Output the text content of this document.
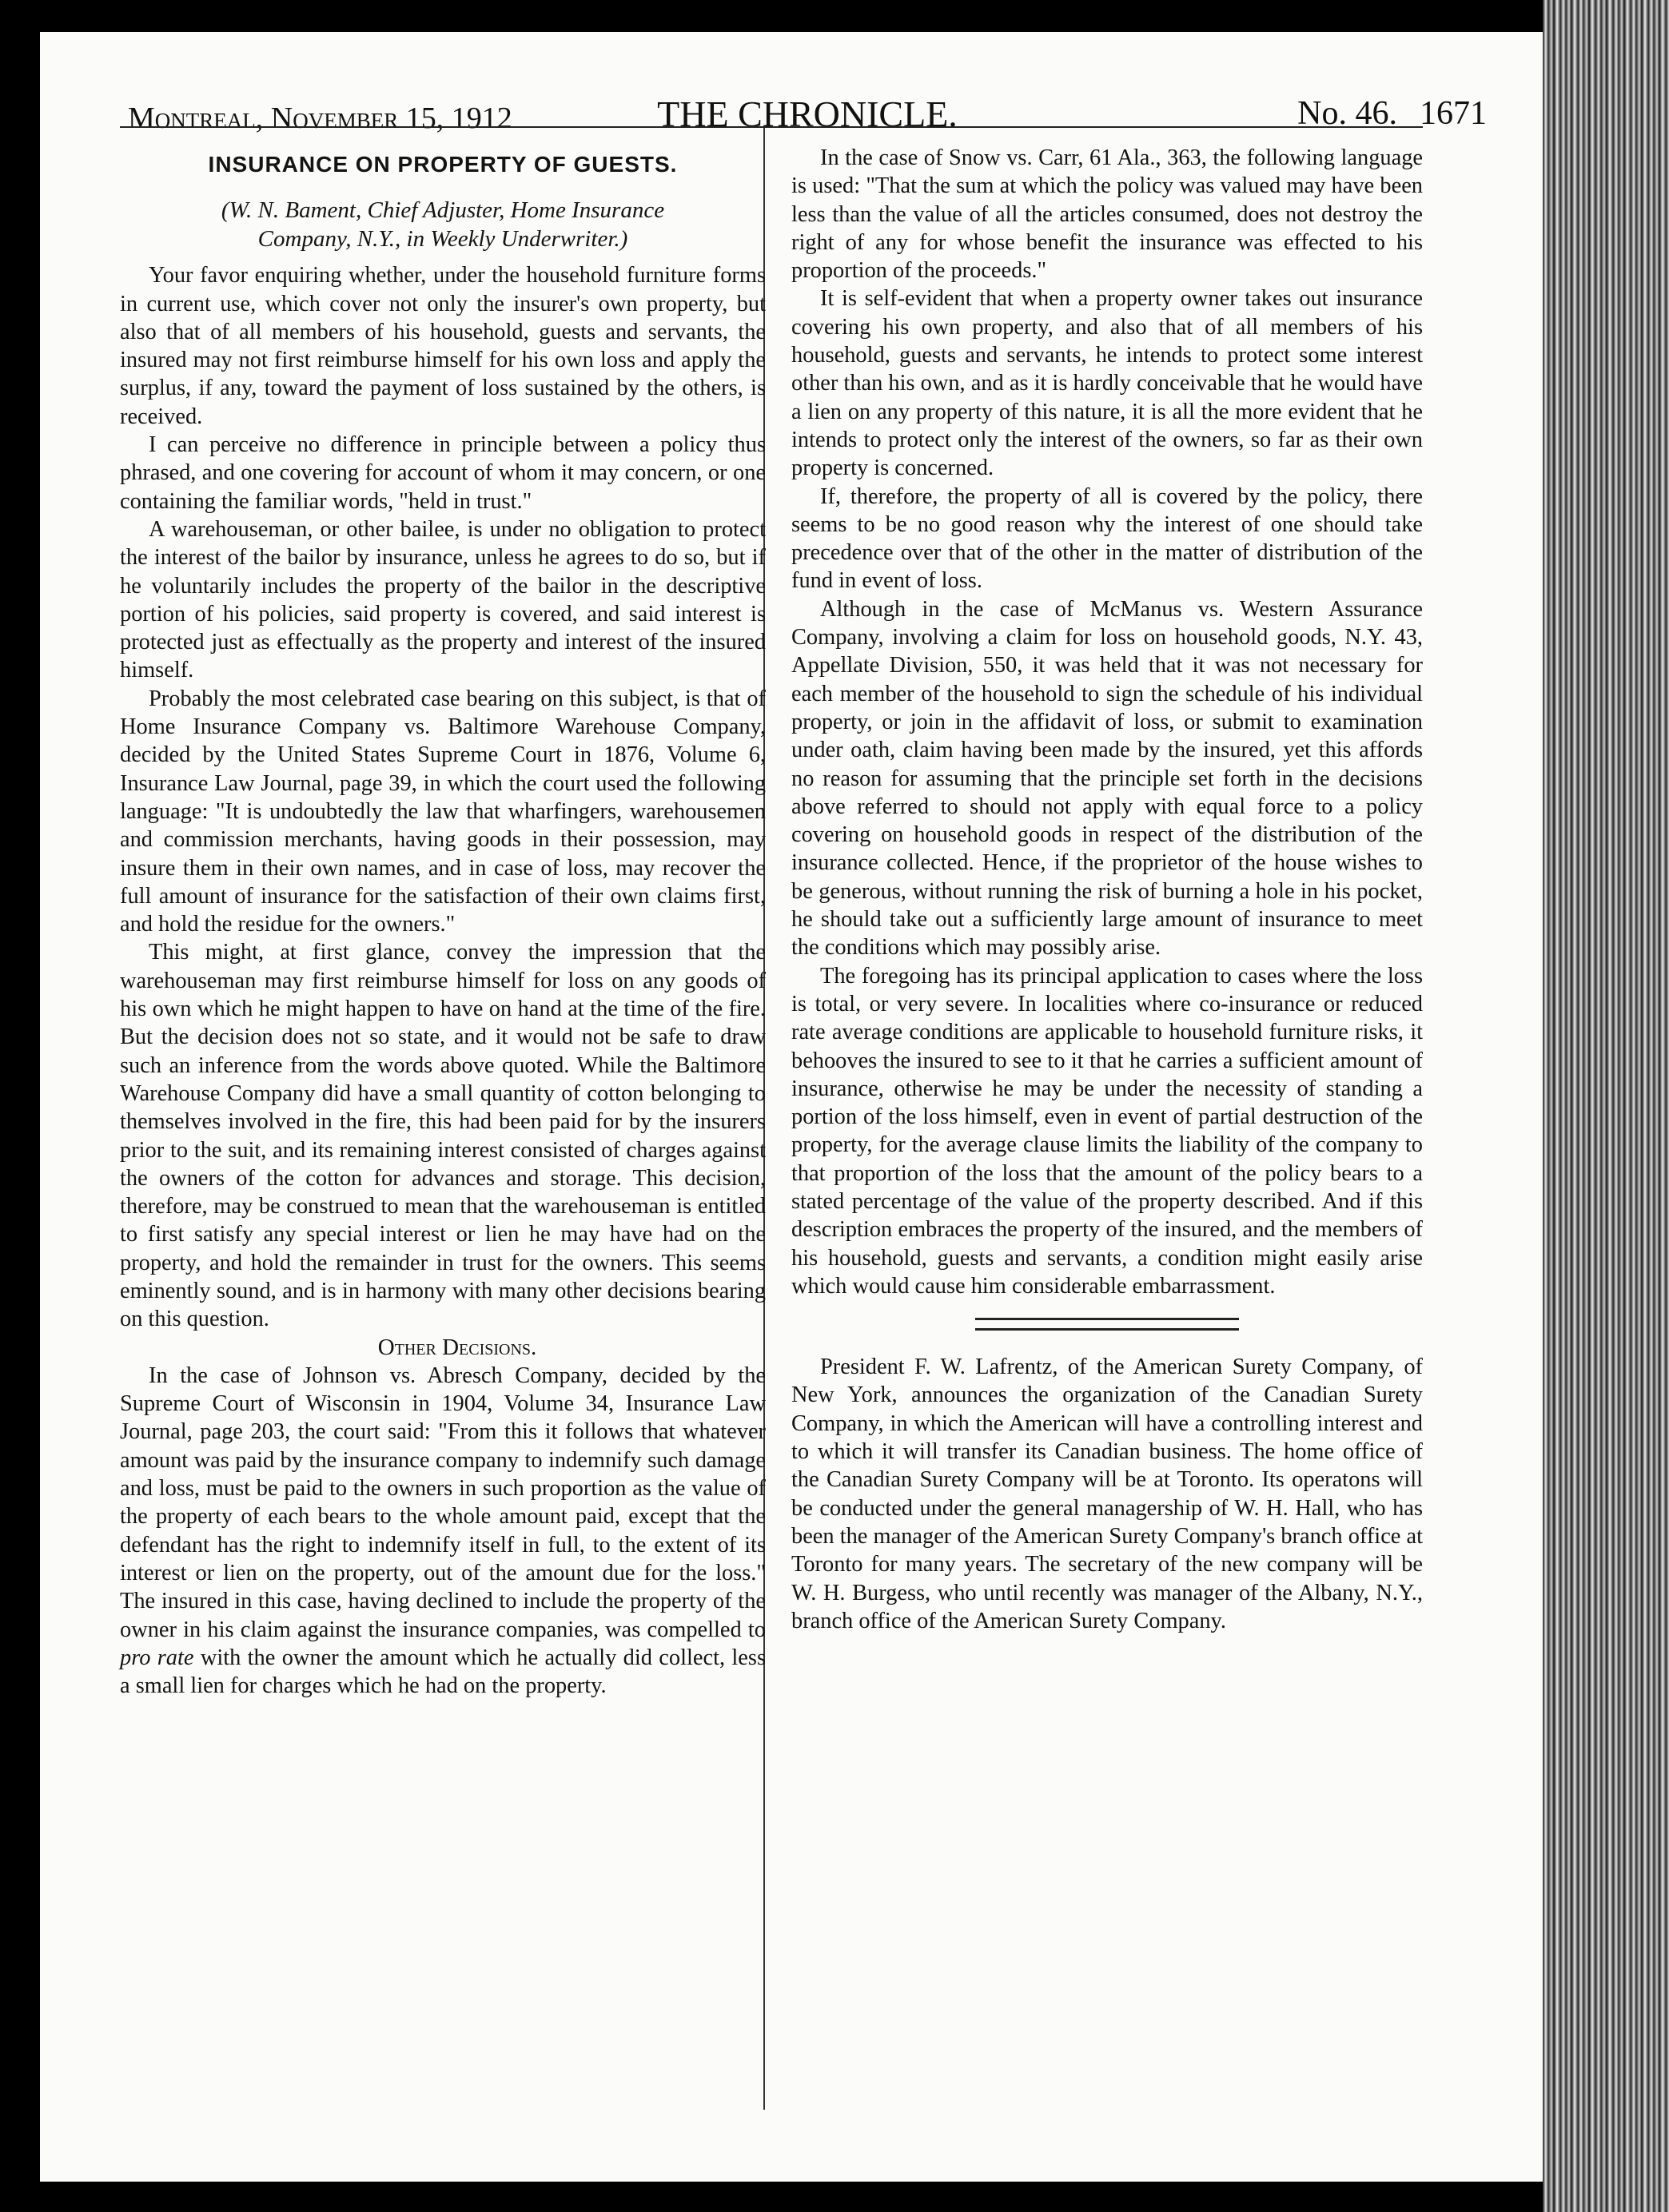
Montreal, November 15, 1912	THE CHRONICLE.	No. 46. 1671
INSURANCE ON PROPERTY OF GUESTS.
(W. N. Bament, Chief Adjuster, Home Insurance
Company, N.Y., in Weekly Underwriter.)

Your favor enquiring whether, under the household furniture forms in current use, which cover not only the insurer's own property, but also that of all members of his household, guests and servants, the insured may not first reimburse himself for his own loss and apply the surplus, if any, toward the payment of loss sustained by the others, is received.

I can perceive no difference in principle between a policy thus phrased, and one covering for account of whom it may concern, or one containing the familiar words, "held in trust."

A warehouseman, or other bailee, is under no obligation to protect the interest of the bailor by insurance, unless he agrees to do so, but if he voluntarily includes the property of the bailor in the descriptive portion of his policies, said property is covered, and said interest is protected just as effectually as the property and interest of the insured himself.

Probably the most celebrated case bearing on this subject, is that of Home Insurance Company vs. Baltimore Warehouse Company, decided by the United States Supreme Court in 1876, Volume 6, Insurance Law Journal, page 39, in which the court used the following language: "It is undoubtedly the law that wharfingers, warehousemen and commission merchants, having goods in their possession, may insure them in their own names, and in case of loss, may recover the full amount of insurance for the satisfaction of their own claims first, and hold the residue for the owners."

This might, at first glance, convey the impression that the warehouseman may first reimburse himself for loss on any goods of his own which he might happen to have on hand at the time of the fire. But the decision does not so state, and it would not be safe to draw such an inference from the words above quoted. While the Baltimore Warehouse Company did have a small quantity of cotton belonging to themselves involved in the fire, this had been paid for by the insurers prior to the suit, and its remaining interest consisted of charges against the owners of the cotton for advances and storage. This decision, therefore, may be construed to mean that the warehouseman is entitled to first satisfy any special interest or lien he may have had on the property, and hold the remainder in trust for the owners. This seems eminently sound, and is in harmony with many other decisions bearing on this question.

Other Decisions.

In the case of Johnson vs. Abresch Company, decided by the Supreme Court of Wisconsin in 1904, Volume 34, Insurance Law Journal, page 203, the court said: "From this it follows that whatever amount was paid by the insurance company to indemnify such damage and loss, must be paid to the owners in such proportion as the value of the property of each bears to the whole amount paid, except that the defendant has the right to indemnify itself in full, to the extent of its interest or lien on the property, out of the amount due for the loss." The insured in this case, having declined to include the property of the owner in his claim against the insurance companies, was compelled to pro rate with the owner the amount which he actually did collect, less a small lien for charges which he had on the property.

In the case of Snow vs. Carr, 61 Ala., 363, the following language is used: "That the sum at which the policy was valued may have been less than the value of all the articles consumed, does not destroy the right of any for whose benefit the insurance was effected to his proportion of the proceeds."

It is self-evident that when a property owner takes out insurance covering his own property, and also that of all members of his household, guests and servants, he intends to protect some interest other than his own, and as it is hardly conceivable that he would have a lien on any property of this nature, it is all the more evident that he intends to protect only the interest of the owners, so far as their own property is concerned.

If, therefore, the property of all is covered by the policy, there seems to be no good reason why the interest of one should take precedence over that of the other in the matter of distribution of the fund in event of loss.

Although in the case of McManus vs. Western Assurance Company, involving a claim for loss on household goods, N.Y. 43, Appellate Division, 550, it was held that it was not necessary for each member of the household to sign the schedule of his individual property, or join in the affidavit of loss, or submit to examination under oath, claim having been made by the insured, yet this affords no reason for assuming that the principle set forth in the decisions above referred to should not apply with equal force to a policy covering on household goods in respect of the distribution of the insurance collected. Hence, if the proprietor of the house wishes to be generous, without running the risk of burning a hole in his pocket, he should take out a sufficiently large amount of insurance to meet the conditions which may possibly arise.

The foregoing has its principal application to cases where the loss is total, or very severe. In localities where co-insurance or reduced rate average conditions are applicable to household furniture risks, it behooves the insured to see to it that he carries a sufficient amount of insurance, otherwise he may be under the necessity of standing a portion of the loss himself, even in event of partial destruction of the property, for the average clause limits the liability of the company to that proportion of the loss that the amount of the policy bears to a stated percentage of the value of the property described. And if this description embraces the property of the insured, and the members of his household, guests and servants, a condition might easily arise which would cause him considerable embarrassment.

President F. W. Lafrentz, of the American Surety Company, of New York, announces the organization of the Canadian Surety Company, in which the American will have a controlling interest and to which it will transfer its Canadian business. The home office of the Canadian Surety Company will be at Toronto. Its operatons will be conducted under the general managership of W. H. Hall, who has been the manager of the American Surety Company's branch office at Toronto for many years. The secretary of the new company will be W. H. Burgess, who until recently was manager of the Albany, N.Y., branch office of the American Surety Company.
